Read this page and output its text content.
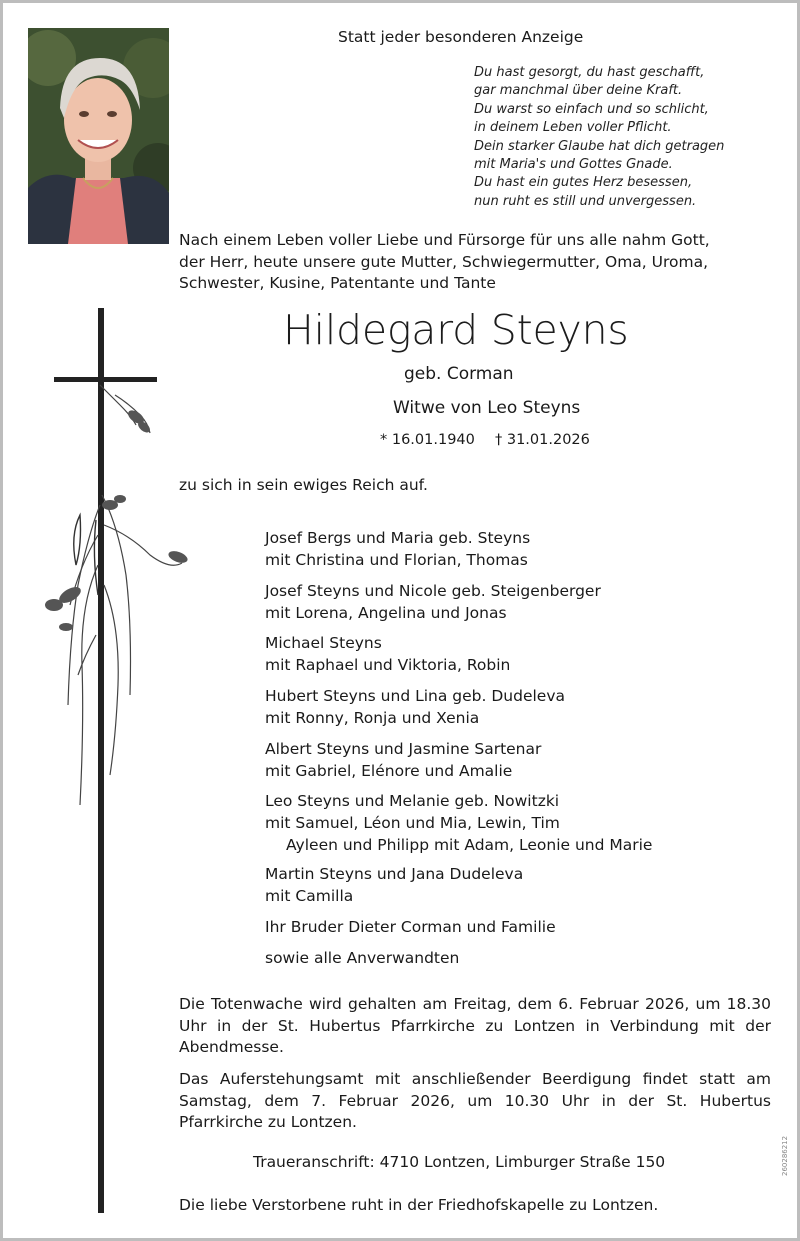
Statt jeder besonderen Anzeige
Du hast gesorgt, du hast geschafft,
gar manchmal über deine Kraft.
Du warst so einfach und so schlicht,
in deinem Leben voller Pflicht.
Dein starker Glaube hat dich getragen
mit Maria's und Gottes Gnade.
Du hast ein gutes Herz besessen,
nun ruht es still und unvergessen.
Nach einem Leben voller Liebe und Fürsorge für uns alle nahm Gott,
der Herr, heute unsere gute Mutter, Schwiegermutter, Oma, Uroma,
Schwester, Kusine, Patentante und Tante
Hildegard Steyns
geb. Corman
Witwe von Leo Steyns
* 16.01.1940 † 31.01.2026
zu sich in sein ewiges Reich auf.
Josef Bergs und Maria geb. Steyns
mit Christina und Florian, Thomas
Josef Steyns und Nicole geb. Steigenberger
mit Lorena, Angelina und Jonas
Michael Steyns
mit Raphael und Viktoria, Robin
Hubert Steyns und Lina geb. Dudeleva
mit Ronny, Ronja und Xenia
Albert Steyns und Jasmine Sartenar
mit Gabriel, Elénore und Amalie
Leo Steyns und Melanie geb. Nowitzki
mit Samuel, Léon und Mia, Lewin, Tim
Ayleen und Philipp mit Adam, Leonie und Marie
Martin Steyns und Jana Dudeleva
mit Camilla
Ihr Bruder Dieter Corman und Familie
sowie alle Anverwandten
Die Totenwache wird gehalten am Freitag, dem 6. Februar 2026, um 18.30 Uhr in der St. Hubertus Pfarrkirche zu Lontzen in Verbindung mit der Abendmesse.
Das Auferstehungsamt mit anschließender Beerdigung findet statt am Samstag, dem 7. Februar 2026, um 10.30 Uhr in der St. Hubertus Pfarrkirche zu Lontzen.
Traueranschrift: 4710 Lontzen, Limburger Straße 150
Die liebe Verstorbene ruht in der Friedhofskapelle zu Lontzen.
260286212
